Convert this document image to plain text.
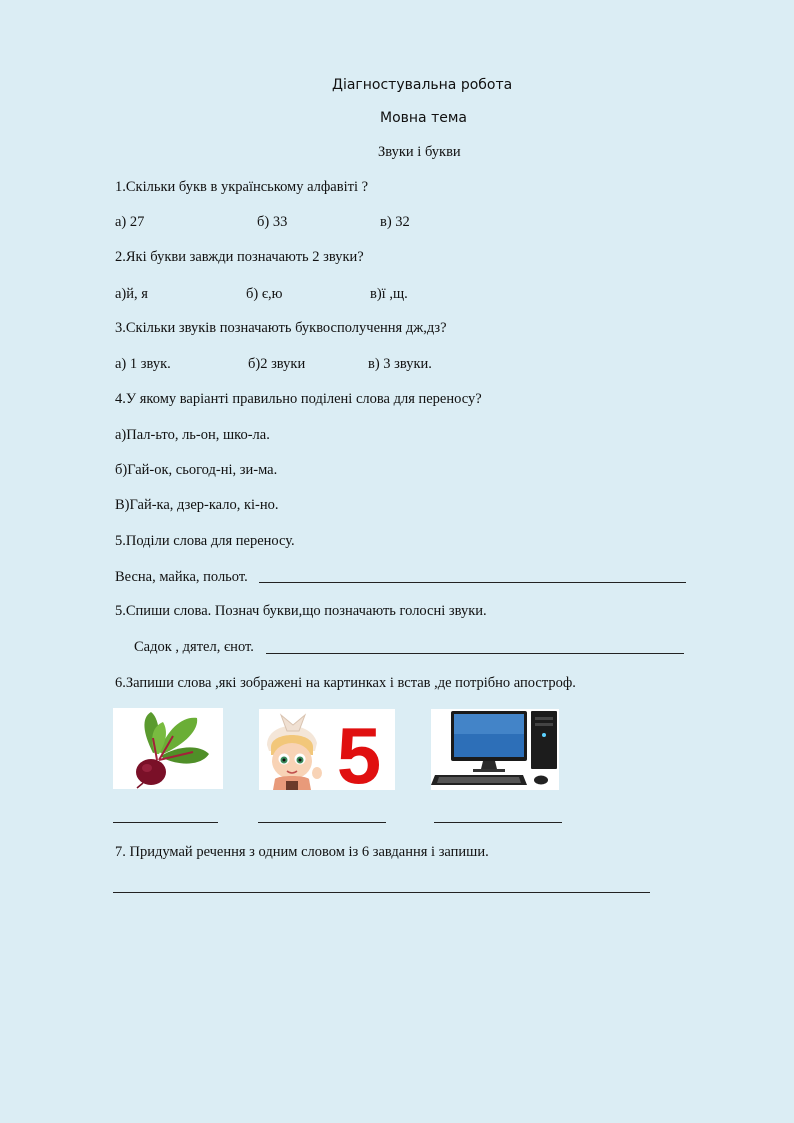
Діагностувальна робота
Мовна тема
Звуки і букви
1.Скільки букв в українському алфавіті ?
а) 27	б) 33	в) 32
2.Які букви завжди позначають 2 звуки?
а)й, я	б) є,ю	в)ї ,щ.
3.Скільки звуків позначають буквосполучення дж,дз?
а) 1 звук.	б)2 звуки	в) 3 звуки.
4.У якому варіанті правильно поділені слова для переносу?
а)Пал-ьто, ль-он, шко-ла.
б)Гай-ок, сьогод-ні, зи-ма.
В)Гай-ка, дзер-кало, кі-но.
5.Поділи слова для переносу.
Весна, майка, польот.
5.Спиши слова. Познач букви,що позначають голосні звуки.
Садок , дятел, єнот.
6.Запиши слова ,які зображені на картинках і встав ,де потрібно апостроф.
5
7. Придумай речення з одним словом із 6 завдання і запиши.
